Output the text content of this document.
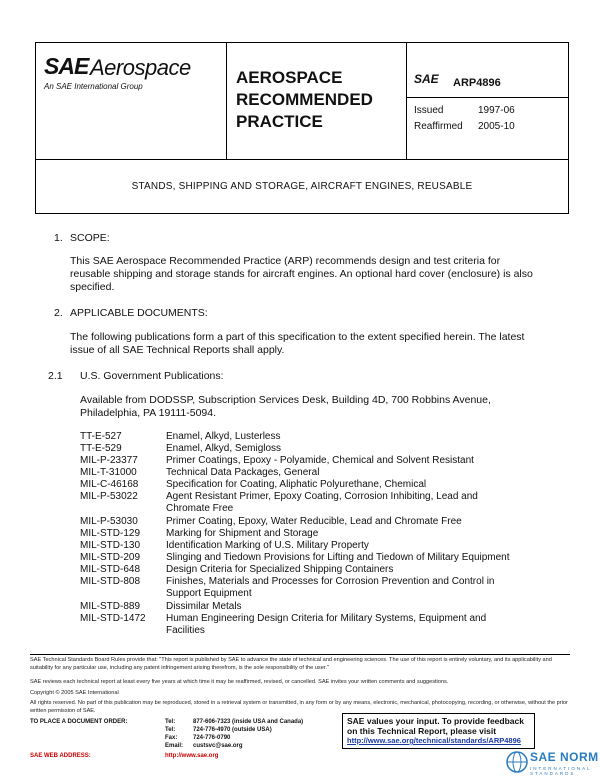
SAE Aerospace
An SAE International Group	AEROSPACE RECOMMENDED PRACTICE
SAE ARP4896
Issued	1997-06
Reaffirmed 2005-10
STANDS, SHIPPING AND STORAGE, AIRCRAFT ENGINES, REUSABLE
1. SCOPE:
This SAE Aerospace Recommended Practice (ARP) recommends design and test criteria for reusable shipping and storage stands for aircraft engines. An optional hard cover (enclosure) is also specified.
2. APPLICABLE DOCUMENTS:
The following publications form a part of this specification to the extent specified herein. The latest issue of all SAE Technical Reports shall apply.
2.1 U.S. Government Publications:
Available from DODSSP, Subscription Services Desk, Building 4D, 700 Robbins Avenue, Philadelphia, PA 19111-5094.
TT-E-527	Enamel, Alkyd, Lusterless
TT-E-529	Enamel, Alkyd, Semigloss
MIL-P-23377	Primer Coatings, Epoxy - Polyamide, Chemical and Solvent Resistant
MIL-T-31000	Technical Data Packages, General
MIL-C-46168	Specification for Coating, Aliphatic Polyurethane, Chemical
MIL-P-53022	Agent Resistant Primer, Epoxy Coating, Corrosion Inhibiting, Lead and Chromate Free
MIL-P-53030	Primer Coating, Epoxy, Water Reducible, Lead and Chromate Free
MIL-STD-129	Marking for Shipment and Storage
MIL-STD-130	Identification Marking of U.S. Military Property
MIL-STD-209	Slinging and Tiedown Provisions for Lifting and Tiedown of Military Equipment
MIL-STD-648	Design Criteria for Specialized Shipping Containers
MIL-STD-808	Finishes, Materials and Processes for Corrosion Prevention and Control in Support Equipment
MIL-STD-889	Dissimilar Metals
MIL-STD-1472 Human Engineering Design Criteria for Military Systems, Equipment and Facilities
SAE Technical Standards Board Rules provide that: "This report is published by SAE to advance the state of technical and engineering sciences. The use of this report is entirely voluntary, and its applicability and suitability for any particular use, including any patent infringement arising therefrom, is the sole responsibility of the user."
SAE reviews each technical report at least every five years at which time it may be reaffirmed, revised, or cancelled. SAE invites your written comments and suggestions.
Copyright © 2005 SAE International
All rights reserved. No part of this publication may be reproduced, stored in a retrieval system or transmitted, in any form or by any means, electronic, mechanical, photocopying, recording, or otherwise, without the prior written permission of SAE.
TO PLACE A DOCUMENT ORDER:	Tel:	877-606-7323 (inside USA and Canada)
Tel:	724-776-4970 (outside USA)
Fax:	724-776-0790
Email: custsvc@sae.org
SAE WEB ADDRESS:	http://www.sae.org
SAE values your input. To provide feedback
on this Technical Report, please visit
http://www.sae.org/technical/standards/ARP4896
SAE NORM
INTERNATIONAL STANDARDS
